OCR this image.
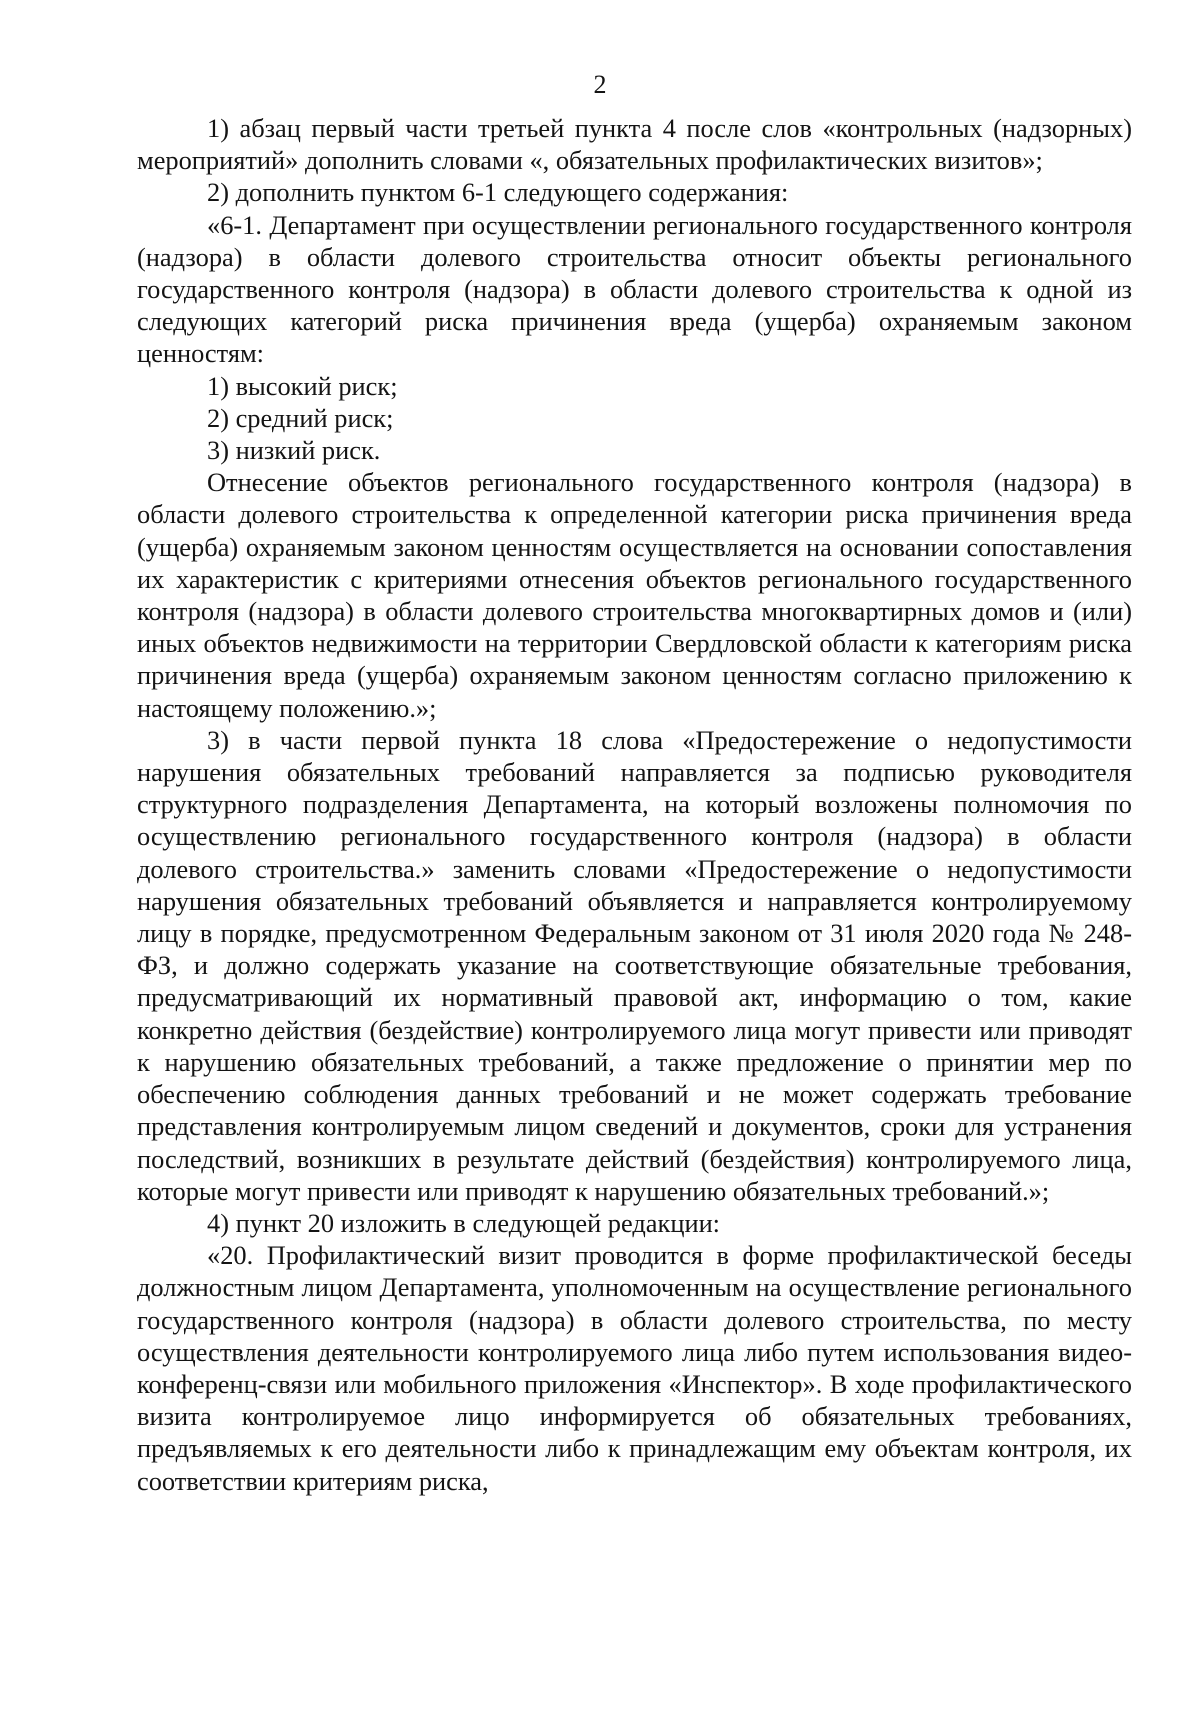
2

1) абзац первый части третьей пункта 4 после слов «контрольных (надзорных) мероприятий» дополнить словами «, обязательных профилактических визитов»;

2) дополнить пунктом 6-1 следующего содержания:

«6-1. Департамент при осуществлении регионального государственного контроля (надзора) в области долевого строительства относит объекты регионального государственного контроля (надзора) в области долевого строительства к одной из следующих категорий риска причинения вреда (ущерба) охраняемым законом ценностям:

1) высокий риск;

2) средний риск;

3) низкий риск.

Отнесение объектов регионального государственного контроля (надзора) в области долевого строительства к определенной категории риска причинения вреда (ущерба) охраняемым законом ценностям осуществляется на основании сопоставления их характеристик с критериями отнесения объектов регионального государственного контроля (надзора) в области долевого строительства многоквартирных домов и (или) иных объектов недвижимости на территории Свердловской области к категориям риска причинения вреда (ущерба) охраняемым законом ценностям согласно приложению к настоящему положению.»;

3) в части первой пункта 18 слова «Предостережение о недопустимости нарушения обязательных требований направляется за подписью руководителя структурного подразделения Департамента, на который возложены полномочия по осуществлению регионального государственного контроля (надзора) в области долевого строительства.» заменить словами «Предостережение о недопустимости нарушения обязательных требований объявляется и направляется контролируемому лицу в порядке, предусмотренном Федеральным законом от 31 июля 2020 года № 248-ФЗ, и должно содержать указание на соответствующие обязательные требования, предусматривающий их нормативный правовой акт, информацию о том, какие конкретно действия (бездействие) контролируемого лица могут привести или приводят к нарушению обязательных требований, а также предложение о принятии мер по обеспечению соблюдения данных требований и не может содержать требование представления контролируемым лицом сведений и документов, сроки для устранения последствий, возникших в результате действий (бездействия) контролируемого лица, которые могут привести или приводят к нарушению обязательных требований.»;

4) пункт 20 изложить в следующей редакции:

«20. Профилактический визит проводится в форме профилактической беседы должностным лицом Департамента, уполномоченным на осуществление регионального государственного контроля (надзора) в области долевого строительства, по месту осуществления деятельности контролируемого лица либо путем использования видео-конференц-связи или мобильного приложения «Инспектор». В ходе профилактического визита контролируемое лицо информируется об обязательных требованиях, предъявляемых к его деятельности либо к принадлежащим ему объектам контроля, их соответствии критериям риска,
